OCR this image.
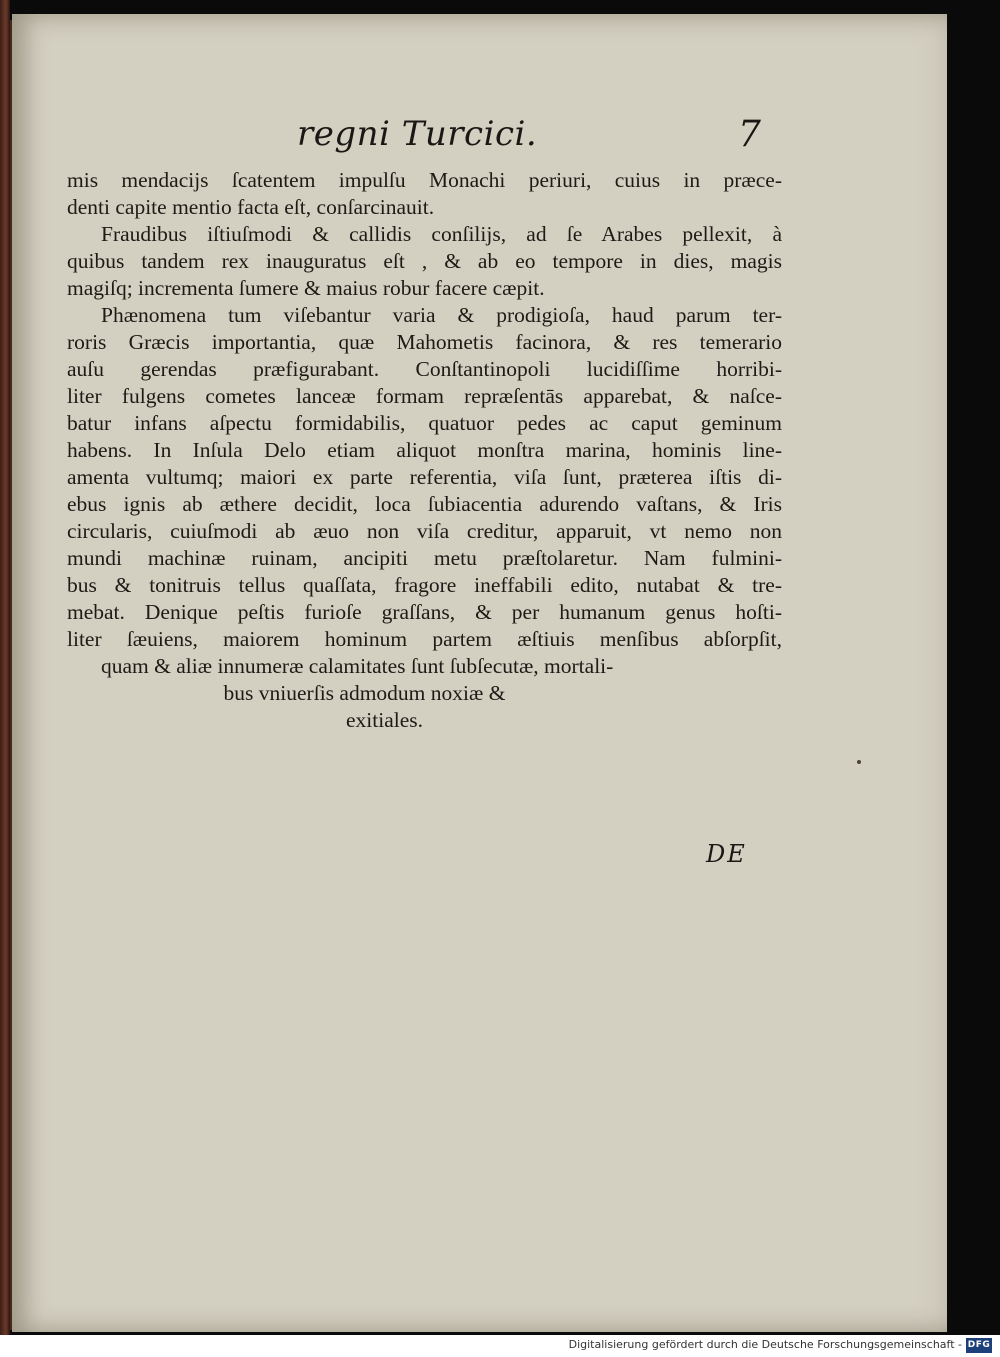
regni Turcici.	7
mis mendacijs ſcatentem impulſu Monachi periuri, cuius in præce-
denti capite mentio facta eſt, conſarcinauit.
Fraudibus iſtiuſmodi & callidis conſilijs, ad ſe Arabes pellexit, à
quibus tandem rex inauguratus eſt , & ab eo tempore in dies, magis
magiſq; incrementa ſumere & maius robur facere cæpit.
Phænomena tum viſebantur varia & prodigioſa, haud parum ter-
roris Græcis importantia, quæ Mahometis facinora, & res temerario
auſu gerendas præfigurabant. Conſtantinopoli lucidiſſime horribi-
liter fulgens cometes lanceæ formam repræſentās apparebat, & naſce-
batur infans aſpectu formidabilis, quatuor pedes ac caput geminum
habens. In Inſula Delo etiam aliquot monſtra marina, hominis line-
amenta vultumq; maiori ex parte referentia, viſa ſunt, præterea iſtis di-
ebus ignis ab æthere decidit, loca ſubiacentia adurendo vaſtans, & Iris
circularis, cuiuſmodi ab æuo non viſa creditur, apparuit, vt nemo non
mundi machinæ ruinam, ancipiti metu præſtolaretur. Nam fulmini-
bus & tonitruis tellus quaſſata, fragore ineffabili edito, nutabat & tre-
mebat. Denique peſtis furioſe graſſans, & per humanum genus hoſti-
liter ſæuiens, maiorem hominum partem æſtiuis menſibus abſorpſit,
quam & aliæ innumeræ calamitates ſunt ſubſecutæ, mortali-
bus vniuerſis admodum noxiæ &
exitiales.
DE
Digitalisierung gefördert durch die Deutsche Forschungsgemeinschaft - DFG
